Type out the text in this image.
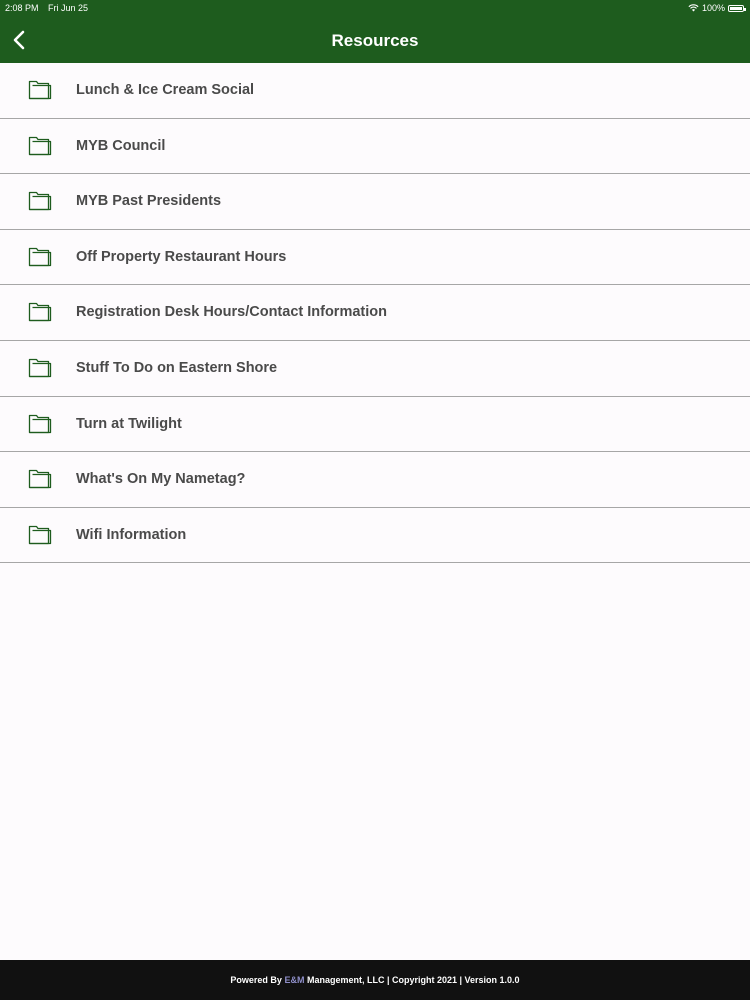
2:08 PM Fri Jun 25	100%
Resources
Lunch & Ice Cream Social
MYB Council
MYB Past Presidents
Off Property Restaurant Hours
Registration Desk Hours/Contact Information
Stuff To Do on Eastern Shore
Turn at Twilight
What's On My Nametag?
Wifi Information
Powered By E&M Management, LLC | Copyright 2021 | Version 1.0.0
